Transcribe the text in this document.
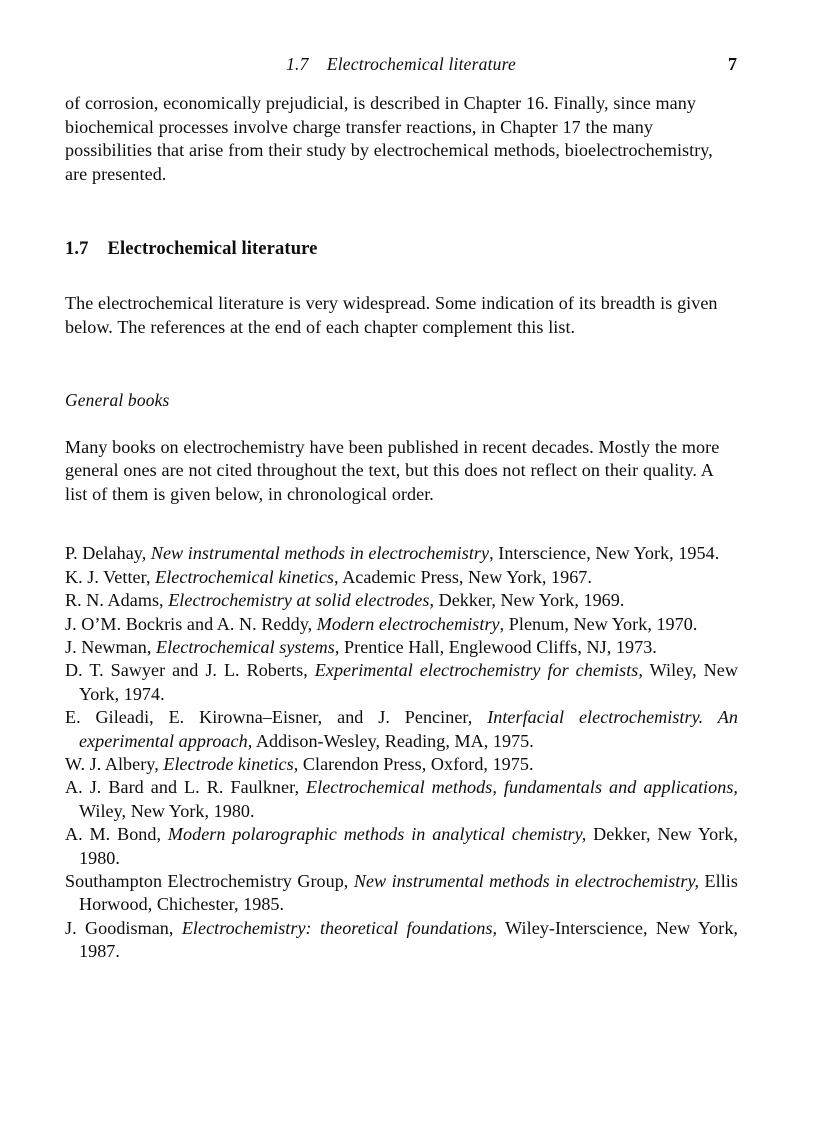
1.7    Electrochemical literature	7

of corrosion, economically prejudicial, is described in Chapter 16. Finally, since many biochemical processes involve charge transfer reactions, in Chapter 17 the many possibilities that arise from their study by electrochemical methods, bioelectrochemistry, are presented.

1.7    Electrochemical literature

The electrochemical literature is very widespread. Some indication of its breadth is given below. The references at the end of each chapter complement this list.

General books

Many books on electrochemistry have been published in recent decades. Mostly the more general ones are not cited throughout the text, but this does not reflect on their quality. A list of them is given below, in chronological order.

P. Delahay, New instrumental methods in electrochemistry, Interscience, New York, 1954.
K. J. Vetter, Electrochemical kinetics, Academic Press, New York, 1967.
R. N. Adams, Electrochemistry at solid electrodes, Dekker, New York, 1969.
J. O’M. Bockris and A. N. Reddy, Modern electrochemistry, Plenum, New York, 1970.
J. Newman, Electrochemical systems, Prentice Hall, Englewood Cliffs, NJ, 1973.
D. T. Sawyer and J. L. Roberts, Experimental electrochemistry for chemists, Wiley, New York, 1974.
E. Gileadi, E. Kirowna–Eisner, and J. Penciner, Interfacial electrochemistry. An experimental approach, Addison-Wesley, Reading, MA, 1975.
W. J. Albery, Electrode kinetics, Clarendon Press, Oxford, 1975.
A. J. Bard and L. R. Faulkner, Electrochemical methods, fundamentals and applications, Wiley, New York, 1980.
A. M. Bond, Modern polarographic methods in analytical chemistry, Dekker, New York, 1980.
Southampton Electrochemistry Group, New instrumental methods in electrochemistry, Ellis Horwood, Chichester, 1985.
J. Goodisman, Electrochemistry: theoretical foundations, Wiley-Interscience, New York, 1987.
